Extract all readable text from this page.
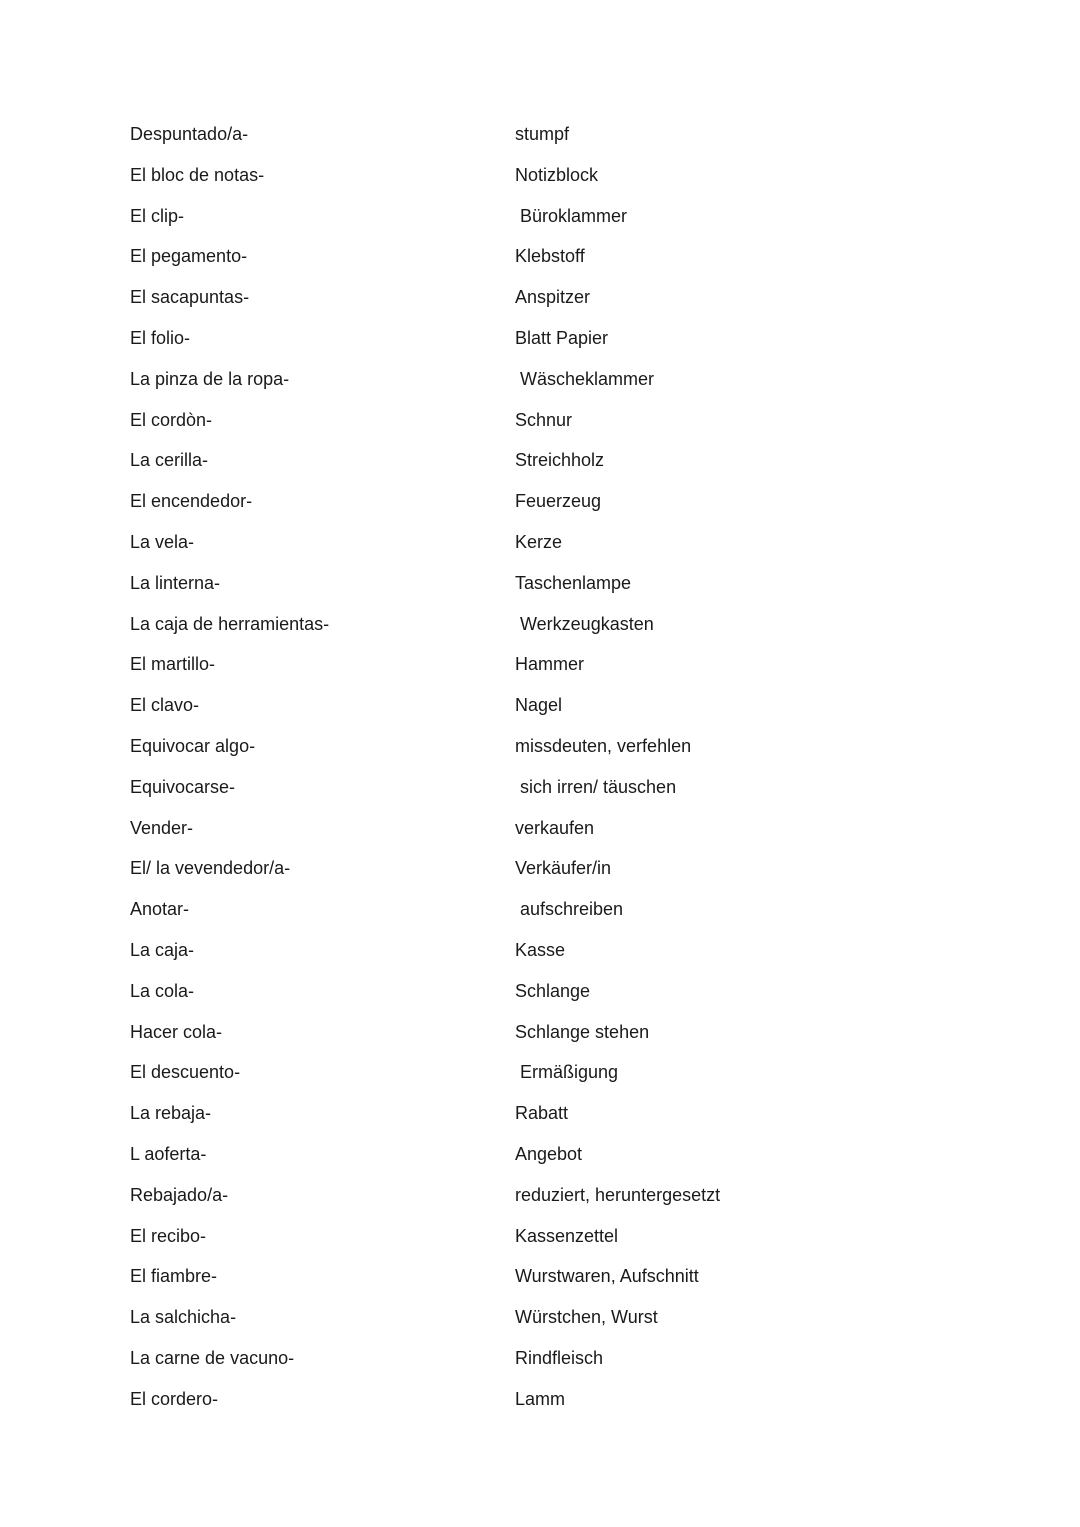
Despuntado/a-	stumpf
El bloc de notas-	Notizblock
El clip-	Büroklammer
El pegamento-	Klebstoff
El sacapuntas-	Anspitzer
El folio-	Blatt Papier
La pinza de la ropa-	Wäscheklammer
El cordòn-	Schnur
La cerilla-	Streichholz
El encendedor-	Feuerzeug
La vela-	Kerze
La linterna-	Taschenlampe
La caja de herramientas-	Werkzeugkasten
El martillo-	Hammer
El clavo-	Nagel
Equivocar algo-	missdeuten, verfehlen
Equivocarse-	sich irren/ täuschen
Vender-	verkaufen
El/ la vevendedor/a-	Verkäufer/in
Anotar-	aufschreiben
La caja-	Kasse
La cola-	Schlange
Hacer cola-	Schlange stehen
El descuento-	Ermäßigung
La rebaja-	Rabatt
L aoferta-	Angebot
Rebajado/a-	reduziert, heruntergesetzt
El recibo-	Kassenzettel
El fiambre-	Wurstwaren, Aufschnitt
La salchicha-	Würstchen, Wurst
La carne de vacuno-	Rindfleisch
El cordero-	Lamm
